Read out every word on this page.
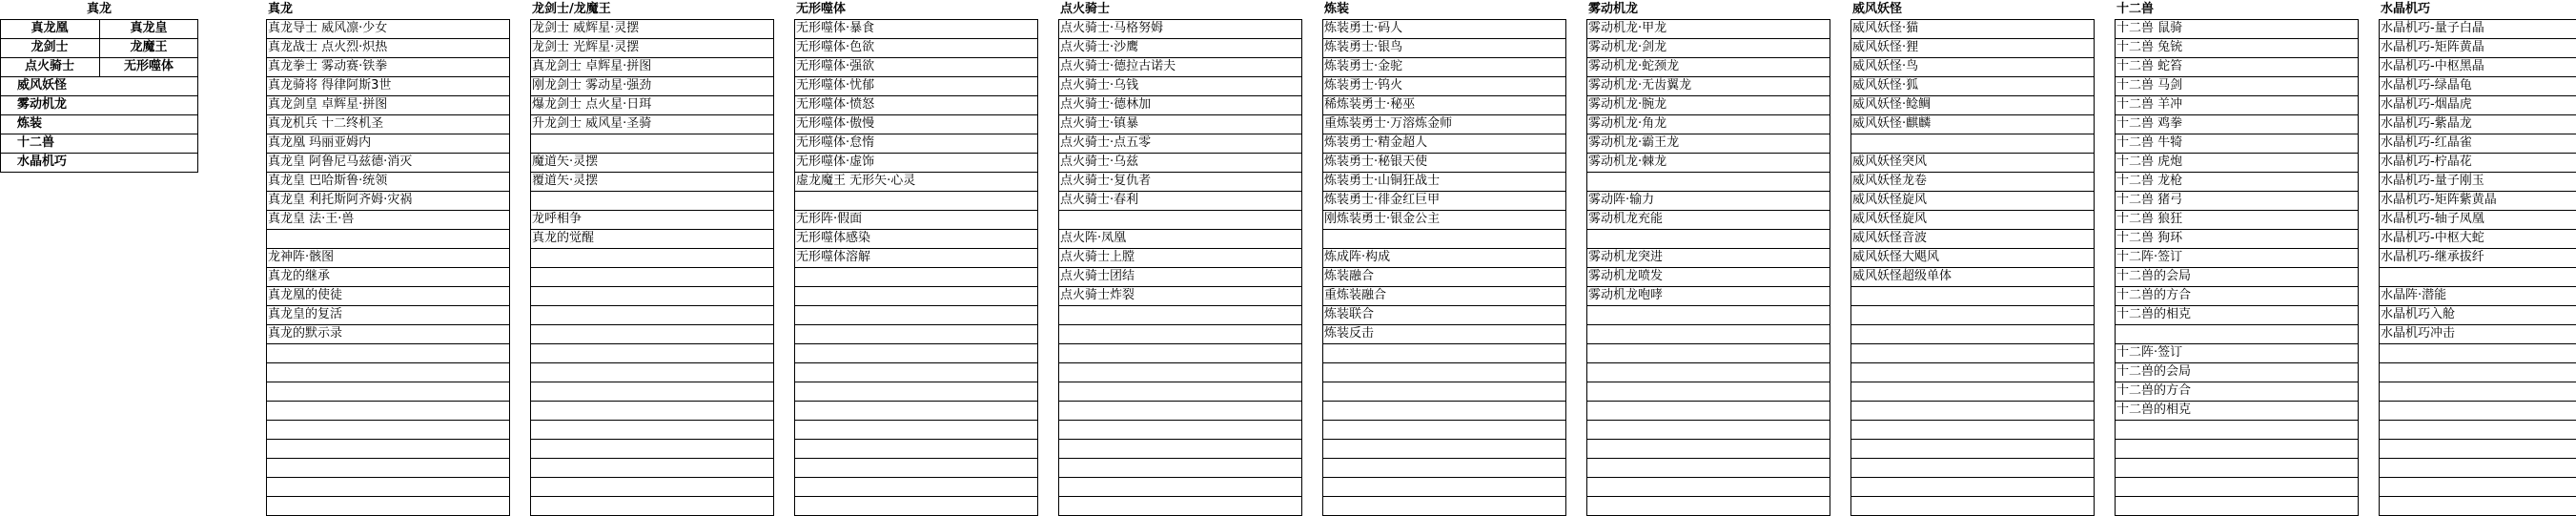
真龙
真龙凰	真龙皇
龙剑士	龙魔王
点火骑士	无形噬体
威风妖怪
雾动机龙
炼装
十二兽
水晶机巧
真龙
真龙导士 威风凛·少女
真龙战士 点火烈·炽热
真龙拳士 雾动赛·铁拳
真龙骑将 得律阿斯3世
真龙剑皇 卓辉星·拼图
真龙机兵 十二终机圣
真龙凰 玛丽亚姆内
真龙皇 阿鲁尼马兹德·消灭
真龙皇 巴哈斯鲁·统领
真龙皇 利托斯阿齐姆·灾祸
真龙皇 法·王·兽
龙神阵·骸图
真龙的继承
真龙凰的使徒
真龙皇的复活
真龙的默示录
龙剑士/龙魔王
龙剑士 威辉星·灵摆
龙剑士 光辉星·灵摆
真龙剑士 卓辉星·拼图
刚龙剑士 雾动星·强劲
爆龙剑士 点火星·日珥
升龙剑士 威风星·圣骑
魔道矢·灵摆
覆道矢·灵摆
龙呼相争
真龙的觉醒
无形噬体
无形噬体·暴食
无形噬体·色欲
无形噬体·强欲
无形噬体·忧郁
无形噬体·愤怒
无形噬体·傲慢
无形噬体·怠惰
无形噬体·虚饰
虚龙魔王 无形矢·心灵
无形阵·假面
无形噬体感染
无形噬体溶解
点火骑士
点火骑士·马格努姆
点火骑士·沙鹰
点火骑士·德拉古诺夫
点火骑士·乌钱
点火骑士·德林加
点火骑士·镇暴
点火骑士·点五零
点火骑士·乌兹
点火骑士·复仇者
点火骑士·春利
点火阵·凤凰
点火骑士上膛
点火骑士团结
点火骑士炸裂
炼装
炼装勇士·码人
炼装勇士·银鸟
炼装勇士·金驼
炼装勇士·钨火
稀炼装勇士·秘巫
重炼装勇士·万溶炼金师
炼装勇士·精金超人
炼装勇士·秘银天使
炼装勇士·山铜狂战士
炼装勇士·徘金红巨甲
刚炼装勇士·银金公主
炼成阵·构成
炼装融合
重炼装融合
炼装联合
炼装反击
雾动机龙
雾动机龙·甲龙
雾动机龙·剑龙
雾动机龙·蛇颈龙
雾动机龙·无齿翼龙
雾动机龙·腕龙
雾动机龙·角龙
雾动机龙·霸王龙
雾动机龙·棘龙
雾动阵·输力
雾动机龙充能
雾动机龙突进
雾动机龙喷发
雾动机龙咆哮
威风妖怪
威风妖怪·猫
威风妖怪·狸
威风妖怪·鸟
威风妖怪·狐
威风妖怪·鲶鲷
威风妖怪·麒麟
威风妖怪突风
威风妖怪龙卷
威风妖怪旋风
威风妖怪旋风
威风妖怪音波
威风妖怪大飓风
威风妖怪超级单体
十二兽
十二兽 鼠骑
十二兽 兔铳
十二兽 蛇笞
十二兽 马剑
十二兽 羊冲
十二兽 鸡拳
十二兽 牛犄
十二兽 虎炮
十二兽 龙枪
十二兽 猪弓
十二兽 狼狂
十二兽 狗环
十二阵·签订
十二兽的会局
十二兽的方合
十二兽的相克
十二阵·签订
十二兽的会局
十二兽的方合
十二兽的相克
水晶机巧
水晶机巧-量子白晶
水晶机巧-矩阵黄晶
水晶机巧-中枢黑晶
水晶机巧-绿晶龟
水晶机巧-烟晶虎
水晶机巧-紫晶龙
水晶机巧-红晶雀
水晶机巧-柠晶花
水晶机巧-量子刚玉
水晶机巧-矩阵紫黄晶
水晶机巧-轴子凤凰
水晶机巧-中枢大蛇
水晶机巧-继承拔纤
水晶阵·潜能
水晶机巧入舱
水晶机巧冲击
